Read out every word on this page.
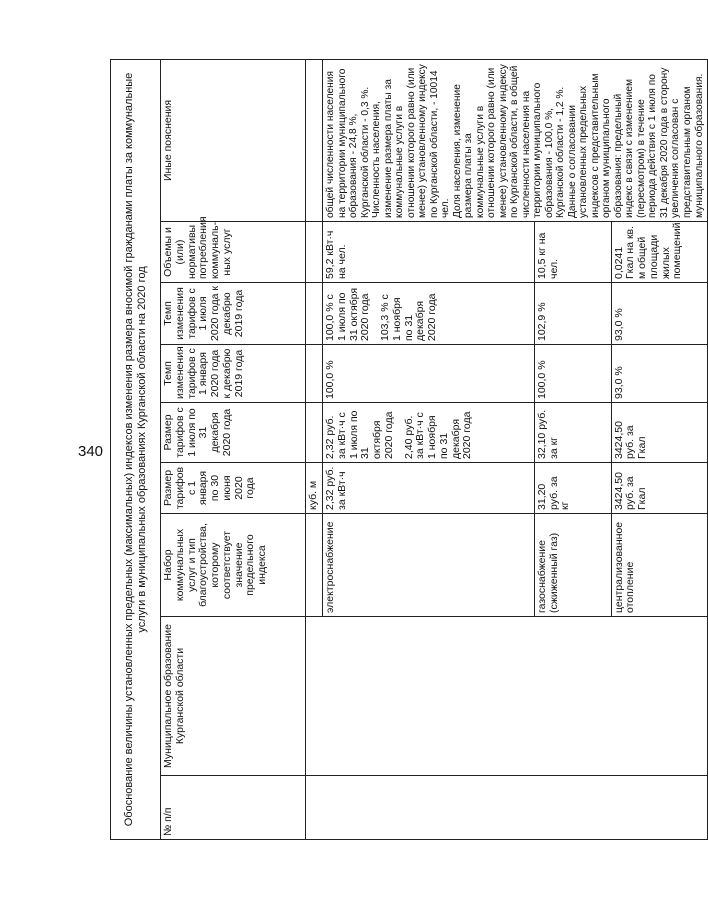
340 Обоснование величины установленных предельных (максимальных) индексов изменения размера вносимой гражданами платы за коммунальные услуги в муниципальных образованиях Курганской области на 2020 год								
№ п/п	Муниципальное образование Курганской области	Набор коммунальных услуг и тип благоустройства, которому соответствует значение предельного индекса	Размер тарифов с 1 января по 30 июня 2020 года	Размер тарифов с 1 июля по 31 декабря 2020 года	Темп изменения тарифов с 1 января 2020 года к декабрю 2019 года	Темп изменения тарифов с 1 июля 2020 года к декабрю 2019 года	Объемы и (или) нормативы потребления коммуналь-ных услуг	Иные пояснения
			куб. м					
		электроснабжение	2,32 руб. за кВт·ч	2,32 руб. за кВт·ч с 1 июля по 31 октября 2020 года 2,40 руб. за кВт·ч с 1 ноября по 31 декабря 2020 года	100,0 %	100,0 % с 1 июля по 31 октября 2020 года 103,3 % с 1 ноября по 31 декабря 2020 года	59,2 кВт·ч на чел.	общей численности населения на территории муниципального образования - 24,8 %, Курганской области - 0,3 %. Численность населения, изменение размера платы за коммунальные услуги в отношении которого равно (или менее) установленному индексу по Курганской области, - 10014 чел. Доля населения, изменение размера платы за коммунальные услуги в отношении которого равно (или менее) установленному индексу по Курганской области, в общей численности населения на территории муниципального образования - 100,0 %, Курганской области - 1,2 %. Данные о согласовании установленных предельных индексов с представительным органом муниципального образования: предельный индекс в связи с изменением (пересмотром) в течение периода действия с 1 июля по 31 декабря 2020 года в сторону увеличения согласован с представительным органом муниципального образования.

		газоснабжение (сжиженный газ)	31,20 руб. за кг	32,10 руб. за кг	100,0 %	102,9 %	10,5 кг на чел.	
		централизованное отопление	3424,50 руб. за Гкал	3424,50 руб. за Гкал	93,0 %	93,0 %	0,0241 Гкал на кв. м общей площади жилых помещений	
